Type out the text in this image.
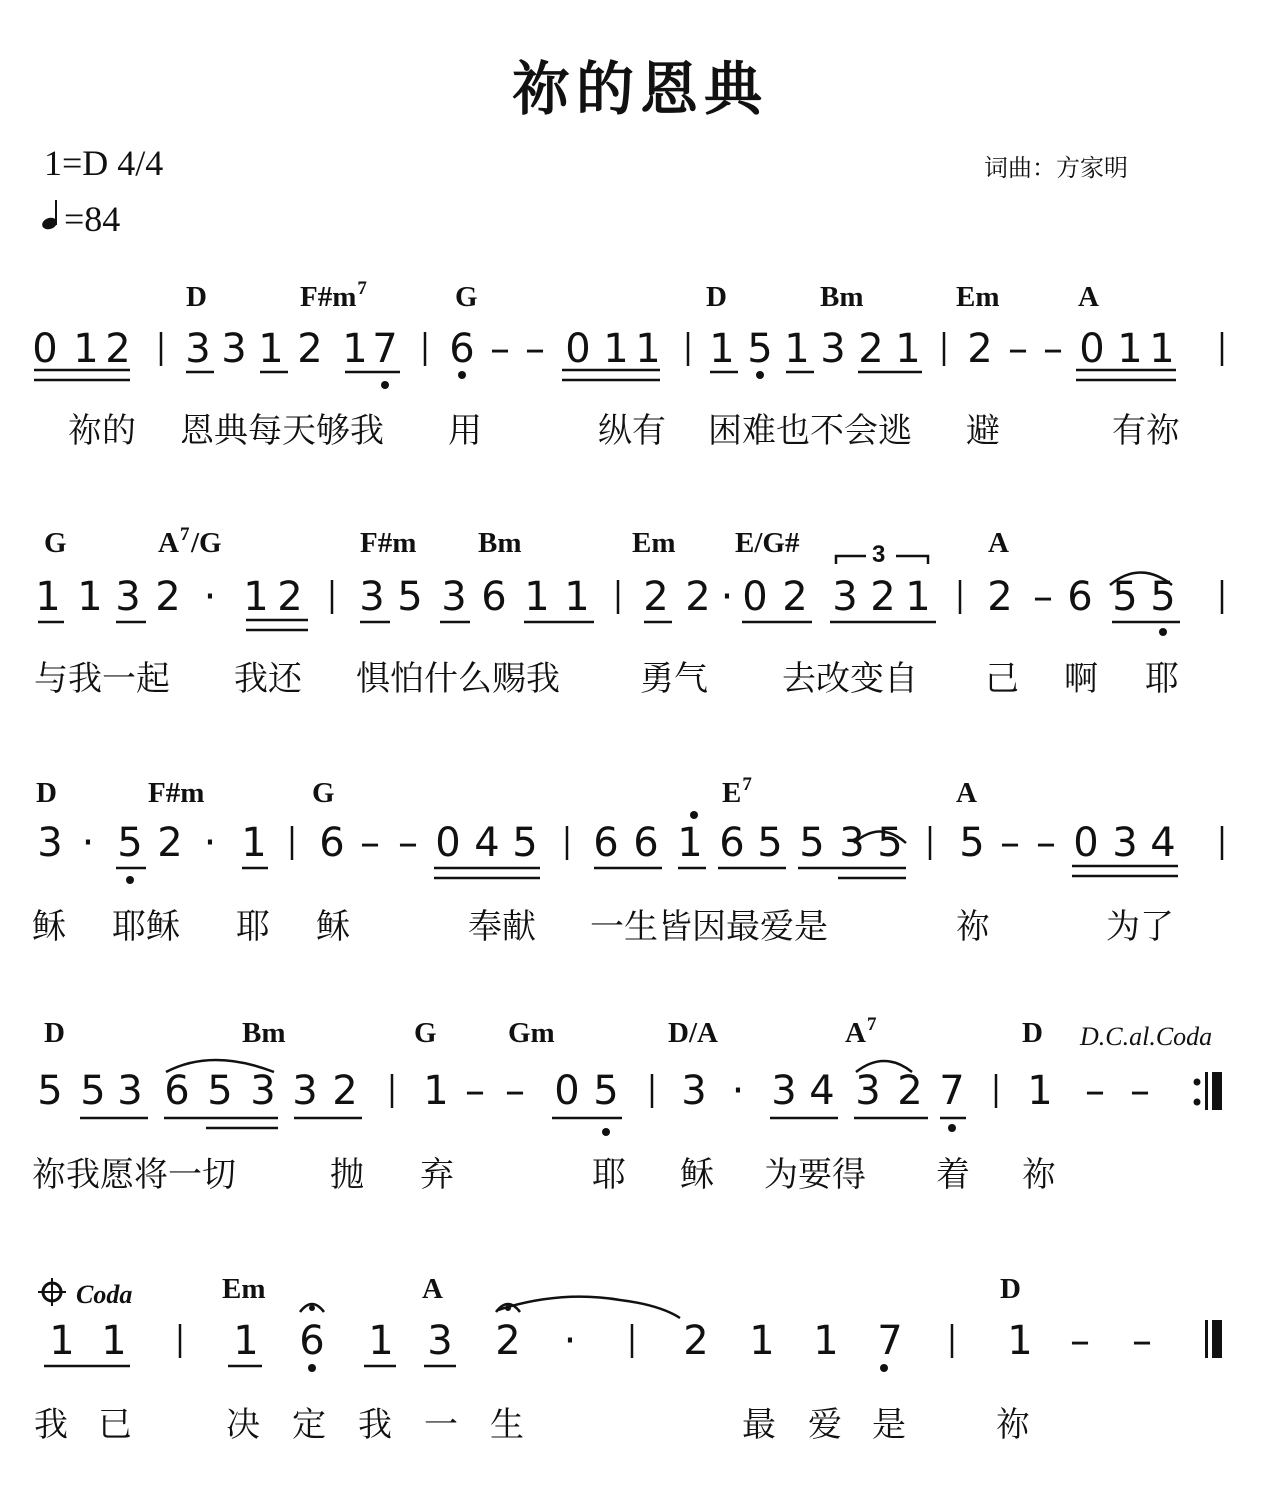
祢的恩典
1=D 4/4
=84
词曲：方家明
3
D.C.al.Coda
Coda
D	F#m 7	G	D	Bm	Em	A
0 1 2 3 3 1 2 1 7 6 – – 0 1 1 1 5 1 3 2 1 2 – – 0 1 1
祢的 恩典每天够我 用	纵有 困难也不会逃 避	有祢
G	A 7 /G	F#m Bm	Em E/G#	A
1 1 3 2 · 1 2 3 5 3 6 1 1 2 2 · 0 2 3 2 1 2 – 6 5 5
与我一起 我还 惧怕什么赐我 勇气 去改变自 己 啊 耶
D	F#m	G	E 7	A
3 · 5 2 · 1 6 – – 0 4 5 6 6 1 6 5 5 3 5 5 – – 0 3 4
稣 耶稣 耶 稣	奉献 一生皆因最爱是	祢	为了
D	Bm	G Gm	D/A	A 7	D
5 5 3 6 5 3 3 2 1 – – 0 5 3 · 3 4 3 2 7 1 – –
祢我愿将一切	抛 弃	耶 稣 为要得 着 祢
Em	A	D
1 1	1 6 1 3 2 ·	2 1 1 7	1 – –
我 已	决 定 我 一 生	最 爱 是	祢
